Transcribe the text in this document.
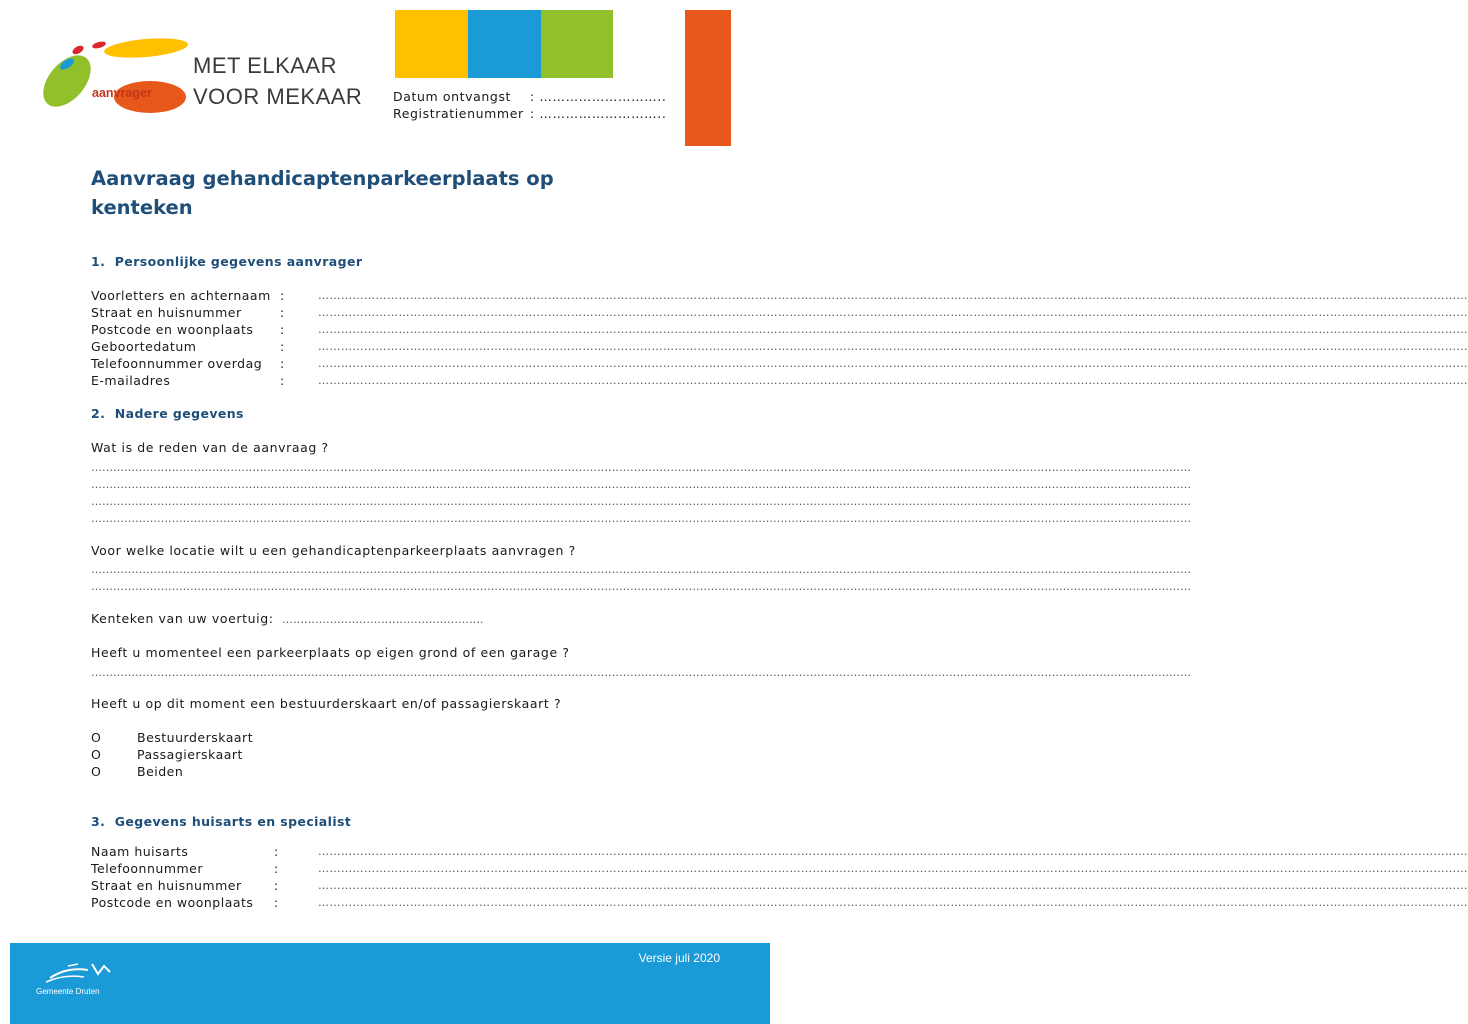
aanvrager
MET ELKAAR
VOOR MEKAAR Datum ontvangst : ………………………..
Registratienummer : ………………………..
Aanvraag gehandicaptenparkeerplaats op kenteken
1.  Persoonlijke gegevens aanvrager
Voorletters en achternaam :	…………………………………………………………………………………………………………………………………………………………………………………………………………………………………………………………………………
Straat en huisnummer	:	…………………………………………………………………………………………………………………………………………………………………………………………………………………………………………………………………………
Postcode en woonplaats :	…………………………………………………………………………………………………………………………………………………………………………………………………………………………………………………………………………
Geboortedatum	:	…………………………………………………………………………………………………………………………………………………………………………………………………………………………………………………………………………
Telefoonnummer overdag :	…………………………………………………………………………………………………………………………………………………………………………………………………………………………………………………………………………
E-mailadres	:	…………………………………………………………………………………………………………………………………………………………………………………………………………………………………………………………………………
2.  Nadere gegevens
Wat is de reden van de aanvraag ?
…………………………………………………………………………………………………………………………………………………………………………………………………………………………………………………………………………
…………………………………………………………………………………………………………………………………………………………………………………………………………………………………………………………………………
…………………………………………………………………………………………………………………………………………………………………………………………………………………………………………………………………………
…………………………………………………………………………………………………………………………………………………………………………………………………………………………………………………………………………
Voor welke locatie wilt u een gehandicaptenparkeerplaats aanvragen ?
…………………………………………………………………………………………………………………………………………………………………………………………………………………………………………………………………………
…………………………………………………………………………………………………………………………………………………………………………………………………………………………………………………………………………
Kenteken van uw voertuig: ……………………………………………….
Heeft u momenteel een parkeerplaats op eigen grond of een garage ?
…………………………………………………………………………………………………………………………………………………………………………………………………………………………………………………………………………
Heeft u op dit moment een bestuurderskaart en/of passagierskaart ?
O	Bestuurderskaart
O	Passagierskaart
O	Beiden
3.  Gegevens huisarts en specialist
Naam huisarts	:	…………………………………………………………………………………………………………………………………………………………………………………………………………………………………………………………………………
Telefoonnummer	:	…………………………………………………………………………………………………………………………………………………………………………………………………………………………………………………………………………
Straat en huisnummer	:	…………………………………………………………………………………………………………………………………………………………………………………………………………………………………………………………………………
Postcode en woonplaats :	…………………………………………………………………………………………………………………………………………………………………………………………………………………………………………………………………………
Versie juli 2020
Gemeente Druten
